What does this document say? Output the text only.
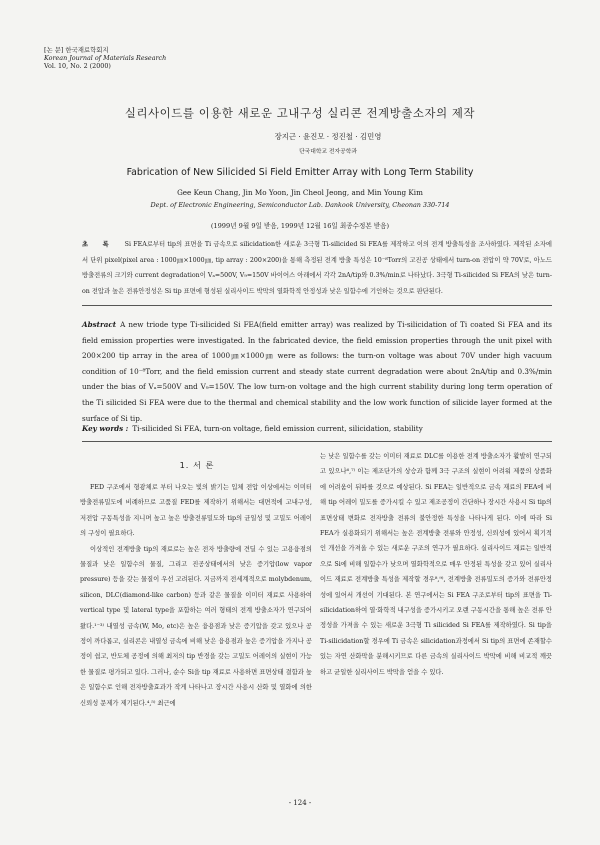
[논 문] 한국재료학회지
Korean Journal of Materials Research
Vol. 10, No. 2 (2000)
실리사이드를 이용한 새로운 고내구성 실리콘 전계방출소자의 제작
장지근 · 윤진모 · 정진철 · 김민영
단국대학교 전자공학과
Fabrication of New Silicided Si Field Emitter Array with Long Term Stability
Gee Keun Chang, Jin Mo Yoon, Jin Cheol Jeong, and Min Young Kim
Dept. of Electronic Engineering, Semiconductor Lab. Dankook University, Cheonan 330-714
(1999년 9월 9일 받음, 1999년 12월 16일 최종수정본 받음)
초 록 Si FEA로부터 tip의 표면을 Ti 금속으로 silicidation한 새로운 3극형 Ti-silicided Si FEA를 제작하고 이의 전계 방출특성을 조사하였다. 제작된 소자에서 단위 pixel(pixel area : 1000㎛×1000㎛, tip array : 200×200)을 통해 측정된 전계 방출 특성은 10⁻⁸Torr의 고진공 상태에서 turn-on 전압이 약 70V로, 아노드 방출전류의 크기와 current degradation이 Vₐ=500V, V₉=150V 바이어스 아래에서 각각 2nA/tip와 0.3%/min로 나타났다. 3극형 Ti-silicided Si FEA의 낮은 turn-on 전압과 높은 전류안정성은 Si tip 표면에 형성된 실리사이드 박막의 열화학적 안정성과 낮은 일함수에 기인하는 것으로 판단된다.
Abstract A new triode type Ti-silicided Si FEA(field emitter array) was realized by Ti-silicidation of Ti coated Si FEA and its field emission properties were investigated. In the fabricated device, the field emission properties through the unit pixel with 200×200 tip array in the area of 1000㎛×1000㎛ were as follows: the turn-on voltage was about 70V under high vacuum condition of 10⁻⁸Torr, and the field emission current and steady state current degradation were about 2nA/tip and 0.3%/min under the bias of Vₐ=500V and V₉=150V. The low turn-on voltage and the high current stability during long term operation of the Ti silicided Si FEA were due to the thermal and chemical stability and the low work function of silicide layer formed at the surface of Si tip.
Key words : Ti-silicided Si FEA, turn-on voltage, field emission current, silicidation, stability
1. 서 론

FED 구조에서 형광체로 부터 나오는 빛의 밝기는 입체 전압 이상에서는 이미터 방출전류밀도에 비례하므로 고품질 FED를 제작하기 위해서는 대면적에 고내구성, 저전압 구동특성을 지니며 높고 높은 방출전류밀도와 tip의 균일성 및 고밀도 어레이의 구성이 필요하다.

이상적인 전계방출 tip의 재료로는 높은 전자 방출량에 견딜 수 있는 고용융점의 물질과 낮은 일함수의 물질, 그리고 진공상태에서의 낮은 증기압(low vapor pressure) 등을 갖는 물질이 우선 고려된다. 지금까지 전세계적으로 molybdenum, silicon, DLC(diamond-like carbon) 등과 같은 물질을 이미터 재료로 사용하여 vertical type 및 lateral type을 포함하는 여러 형태의 전계 방출소자가 연구되어 왔다.¹⁻³⁾ 내열성 금속(W, Mo, etc)은 높은 융용점과 낮은 증기압을 갖고 있으나 공정이 까다롭고, 실리콘은 내열성 금속에 비해 낮은 융용점과 높은 증기압을 가지나 공정이 쉽고, 반도체 공정에 의해 최저의 tip 반경을 갖는 고밀도 어레이의 실현이 가능한 물질로 평가되고 있다. 그러나, 순수 Si을 tip 재료로 사용하면 표면상태 결함과 높은 일함수로 인해 전자방출효과가 작게 나타나고 장시간 사용시 산화 및 열화에 의한 신뢰성 문제가 제기된다.⁴,⁵⁾ 최근에

는 낮은 일함수를 갖는 이미터 재료로 DLC를 이용한 전계 방출소자가 활발히 연구되고 있으나⁶,⁷⁾ 이는 제조단가의 상승과 함께 3극 구조의 실현이 어려워 제품의 상품화에 어려움이 뒤따를 것으로 예상된다. Si FEA는 일반적으로 금속 재료의 FEA에 비해 tip 어레이 밀도를 증가시킬 수 있고 제조공정이 간단하나 장시간 사용시 Si tip의 표면상태 변화로 전자방출 전류의 불안정한 특성을 나타나게 된다. 이에 따라 Si FEA가 실용화되기 위해서는 높은 전계방출 전류와 안정성, 신뢰성에 있어서 획기적인 개선을 가져올 수 있는 새로운 구조의 연구가 필요하다. 실리사이드 재료는 일반적으로 Si에 비해 일함수가 낮으며 열화학적으로 매우 안정된 특성을 갖고 있어 실리사이드 재료로 전계방출 특성을 제작할 경우⁸,⁹⁾, 전계방출 전류밀도의 증가와 전류안정성에 있어서 개선이 기대된다. 본 연구에서는 Si FEA 구조로부터 tip의 표면을 Ti-silicidation하여 열·화학적 내구성을 증가시키고 오랜 구동시간을 통해 높은 전류 안정성을 가져올 수 있는 새로운 3극형 Ti silicided Si FEA를 제작하였다. Si tip을 Ti-silicidation할 경우에 Ti 금속은 silicidation과정에서 Si tip의 표면에 존재할수 있는 자연 산화막을 분해시키므로 다른 금속의 실리사이드 박막에 비해 비교적 깨끗하고 균일한 실리사이드 박막을 얻을 수 있다.

- 124 -
